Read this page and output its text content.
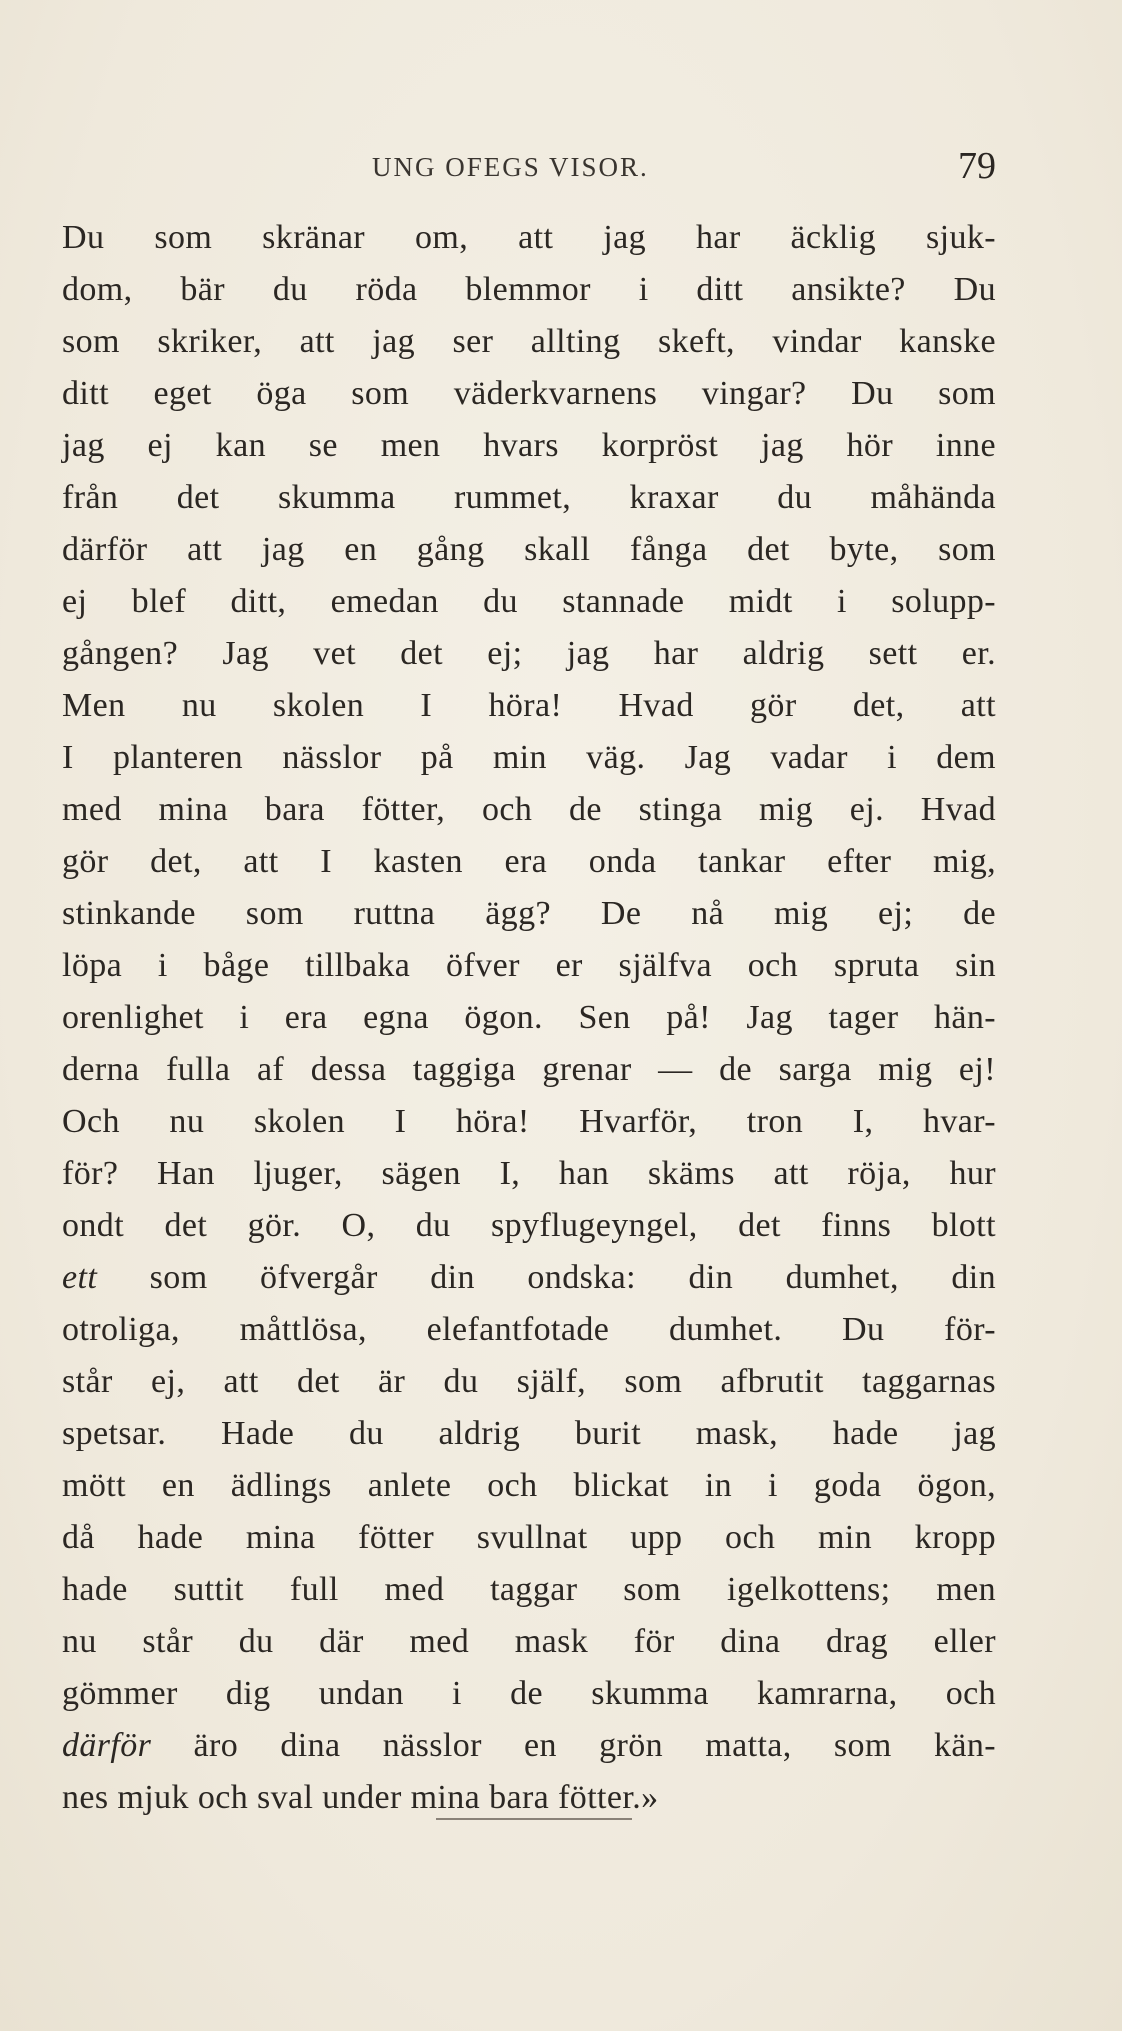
UNG OFEGS VISOR.	79
Du som skränar om, att jag har äcklig sjuk-
dom, bär du röda blemmor i ditt ansikte? Du
som skriker, att jag ser allting skeft, vindar kanske
ditt eget öga som väderkvarnens vingar? Du som
jag ej kan se men hvars korpröst jag hör inne
från det skumma rummet, kraxar du måhända
därför att jag en gång skall fånga det byte, som
ej blef ditt, emedan du stannade midt i solupp-
gången? Jag vet det ej; jag har aldrig sett er.
Men nu skolen I höra! Hvad gör det, att
I planteren nässlor på min väg. Jag vadar i dem
med mina bara fötter, och de stinga mig ej. Hvad
gör det, att I kasten era onda tankar efter mig,
stinkande som ruttna ägg? De nå mig ej; de
löpa i båge tillbaka öfver er själfva och spruta sin
orenlighet i era egna ögon. Sen på! Jag tager hän-
derna fulla af dessa taggiga grenar — de sarga mig ej!
Och nu skolen I höra! Hvarför, tron I, hvar-
för? Han ljuger, sägen I, han skäms att röja, hur
ondt det gör. O, du spyflugeyngel, det finns blott
ett som öfvergår din ondska: din dumhet, din
otroliga, måttlösa, elefantfotade dumhet. Du för-
står ej, att det är du själf, som afbrutit taggarnas
spetsar. Hade du aldrig burit mask, hade jag
mött en ädlings anlete och blickat in i goda ögon,
då hade mina fötter svullnat upp och min kropp
hade suttit full med taggar som igelkottens; men
nu står du där med mask för dina drag eller
gömmer dig undan i de skumma kamrarna, och
därför äro dina nässlor en grön matta, som kän-
nes mjuk och sval under mina bara fötter.»
